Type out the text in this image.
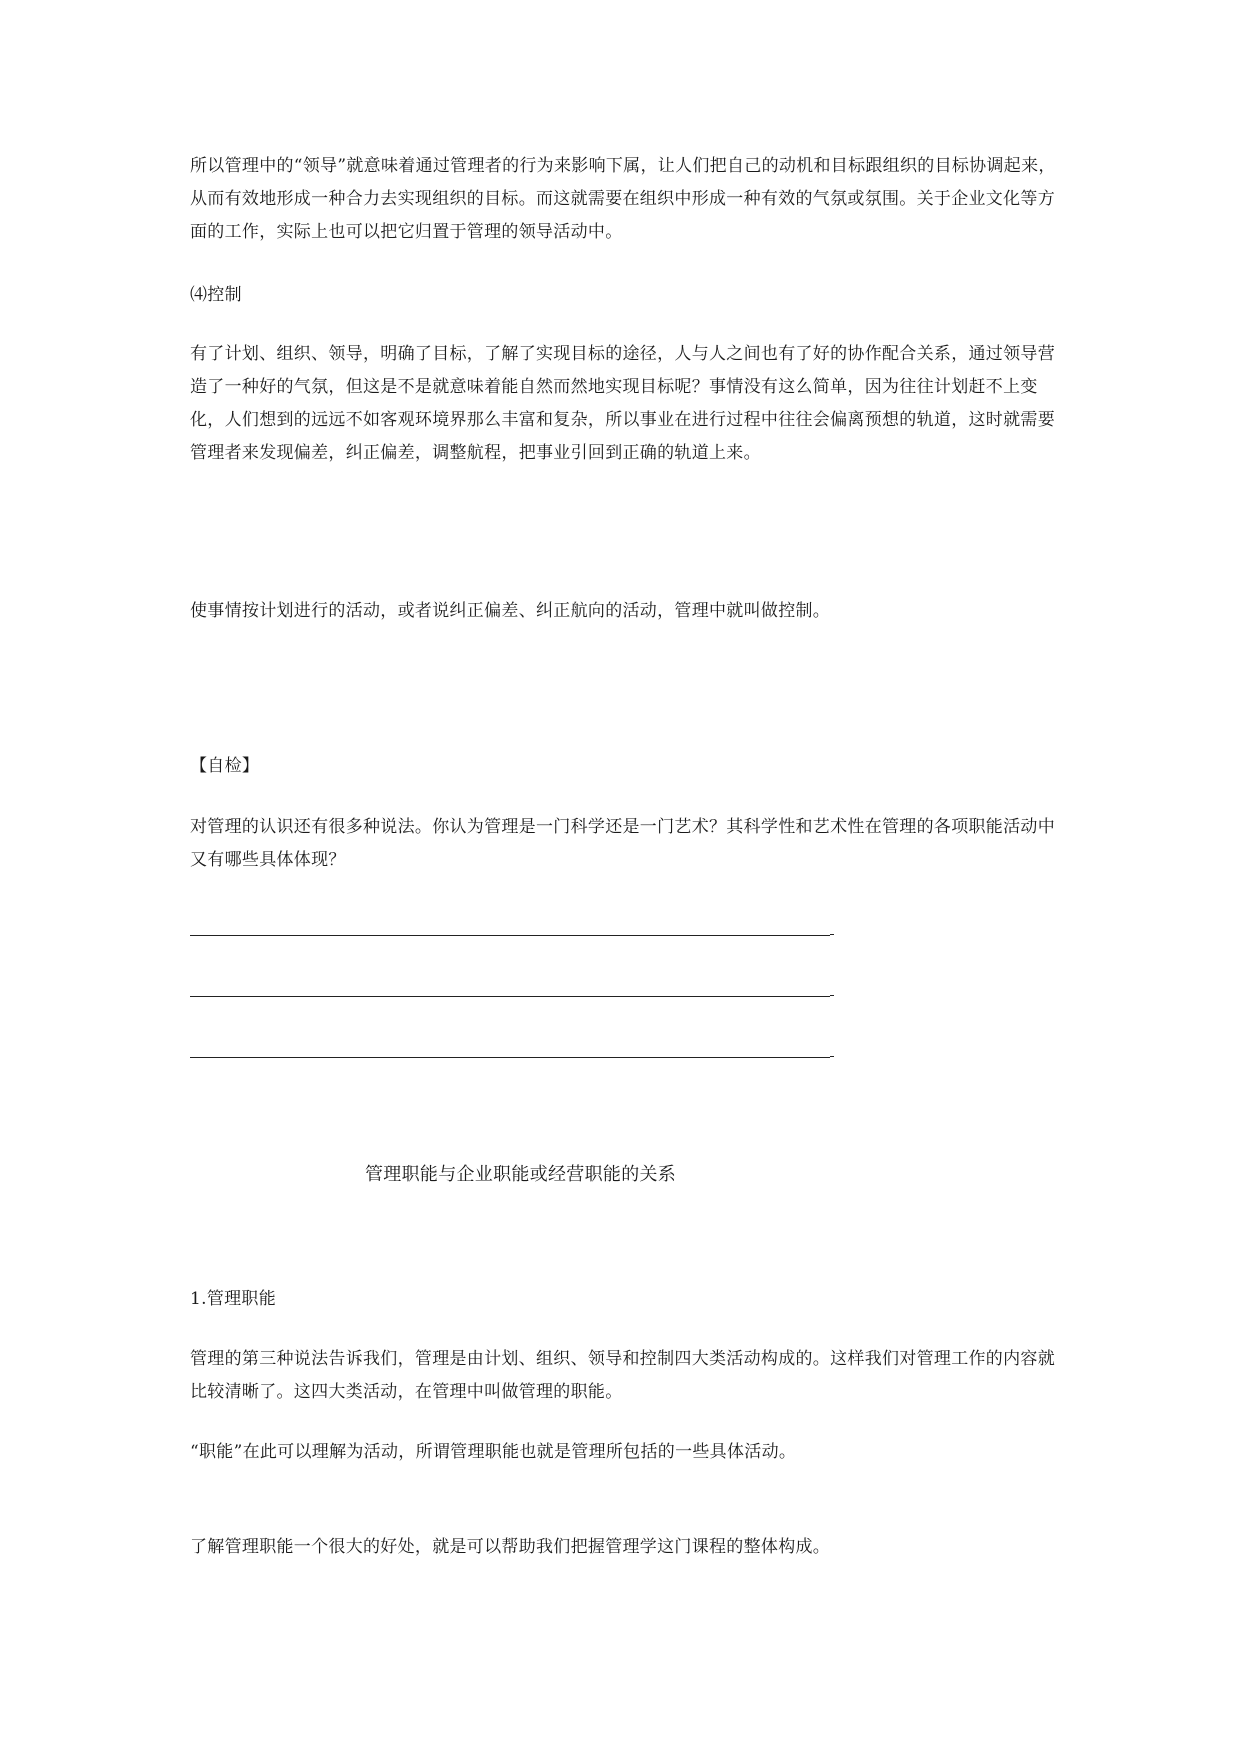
所以管理中的“领导”就意味着通过管理者的行为来影响下属，让人们把自己的动机和目标跟组织的目标协调起来，从而有效地形成一种合力去实现组织的目标。而这就需要在组织中形成一种有效的气氛或氛围。关于企业文化等方面的工作，实际上也可以把它归置于管理的领导活动中。

⑷控制

有了计划、组织、领导，明确了目标，了解了实现目标的途径，人与人之间也有了好的协作配合关系，通过领导营造了一种好的气氛，但这是不是就意味着能自然而然地实现目标呢？事情没有这么简单，因为往往计划赶不上变化，人们想到的远远不如客观环境界那么丰富和复杂，所以事业在进行过程中往往会偏离预想的轨道，这时就需要管理者来发现偏差，纠正偏差，调整航程，把事业引回到正确的轨道上来。

使事情按计划进行的活动，或者说纠正偏差、纠正航向的活动，管理中就叫做控制。

【自检】

对管理的认识还有很多种说法。你认为管理是一门科学还是一门艺术？其科学性和艺术性在管理的各项职能活动中又有哪些具体体现？

管理职能与企业职能或经营职能的关系

1.管理职能

管理的第三种说法告诉我们，管理是由计划、组织、领导和控制四大类活动构成的。这样我们对管理工作的内容就比较清晰了。这四大类活动，在管理中叫做管理的职能。

“职能”在此可以理解为活动，所谓管理职能也就是管理所包括的一些具体活动。

了解管理职能一个很大的好处，就是可以帮助我们把握管理学这门课程的整体构成。
